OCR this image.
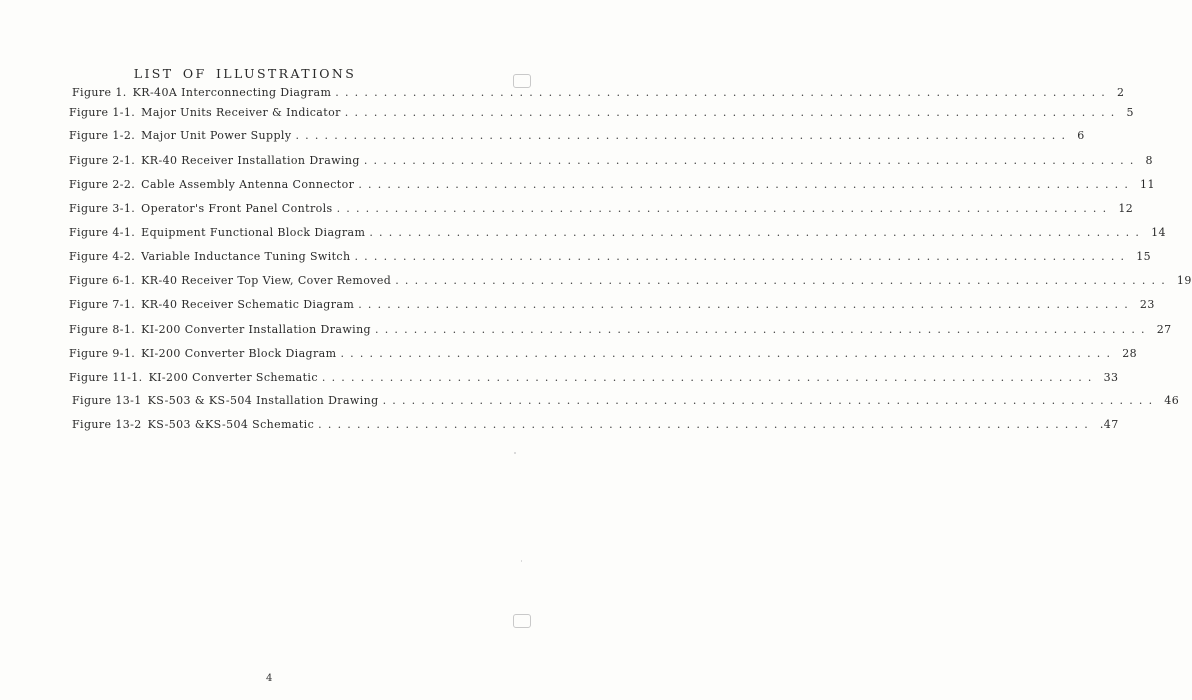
LIST OF ILLUSTRATIONS
Figure 1. KR-40A Interconnecting Diagram ................................................................................ 2
Figure 1-1. Major Units Receiver & Indicator ................................................................................ 5
Figure 1-2. Major Unit Power Supply ................................................................................ 6
Figure 2-1. KR-40 Receiver Installation Drawing ................................................................................ 8
Figure 2-2. Cable Assembly Antenna Connector ................................................................................ 11
Figure 3-1. Operator's Front Panel Controls ................................................................................ 12
Figure 4-1. Equipment Functional Block Diagram ................................................................................ 14
Figure 4-2. Variable Inductance Tuning Switch ................................................................................ 15
Figure 6-1. KR-40 Receiver Top View, Cover Removed ................................................................................ 19
Figure 7-1. KR-40 Receiver Schematic Diagram ................................................................................ 23
Figure 8-1. KI-200 Converter Installation Drawing ................................................................................ 27
Figure 9-1. KI-200 Converter Block Diagram ................................................................................ 28
Figure 11-1. KI-200 Converter Schematic ................................................................................ 33
Figure 13-1 KS-503 & KS-504 Installation Drawing ................................................................................ 46
Figure 13-2 KS-503 &KS-504 Schematic ................................................................................ .47
4
